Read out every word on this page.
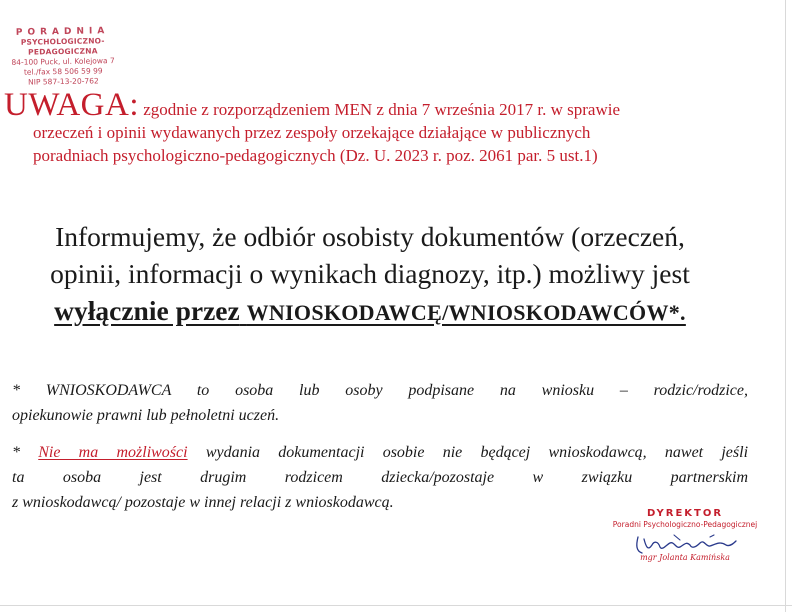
PORADNIA
PSYCHOLOGICZNO-PEDAGOGICZNA
84-100 Puck, ul. Kolejowa 7
tel./fax 58 506 59 99
NIP 587-13-20-762
UWAGA: zgodnie z rozporządzeniem MEN z dnia 7 września 2017 r. w sprawie
orzeczeń i opinii wydawanych przez zespoły orzekające działające w publicznych
poradniach psychologiczno-pedagogicznych (Dz. U. 2023 r. poz. 2061 par. 5 ust.1)
Informujemy, że odbiór osobisty dokumentów (orzeczeń,
opinii, informacji o wynikach diagnozy, itp.) możliwy jest
wyłącznie przez WNIOSKODAWCĘ/WNIOSKODAWCÓW*.
* WNIOSKODAWCA to osoba lub osoby podpisane na wniosku – rodzic/rodzice,
opiekunowie prawni lub pełnoletni uczeń.
* Nie ma możliwości wydania dokumentacji osobie nie będącej wnioskodawcą, nawet jeśli
ta osoba jest drugim rodzicem dziecka/pozostaje w związku partnerskim
z wnioskodawcą/ pozostaje w innej relacji z wnioskodawcą.
DYREKTOR
Poradni Psychologiczno-Pedagogicznej
mgr Jolanta Kamińska
